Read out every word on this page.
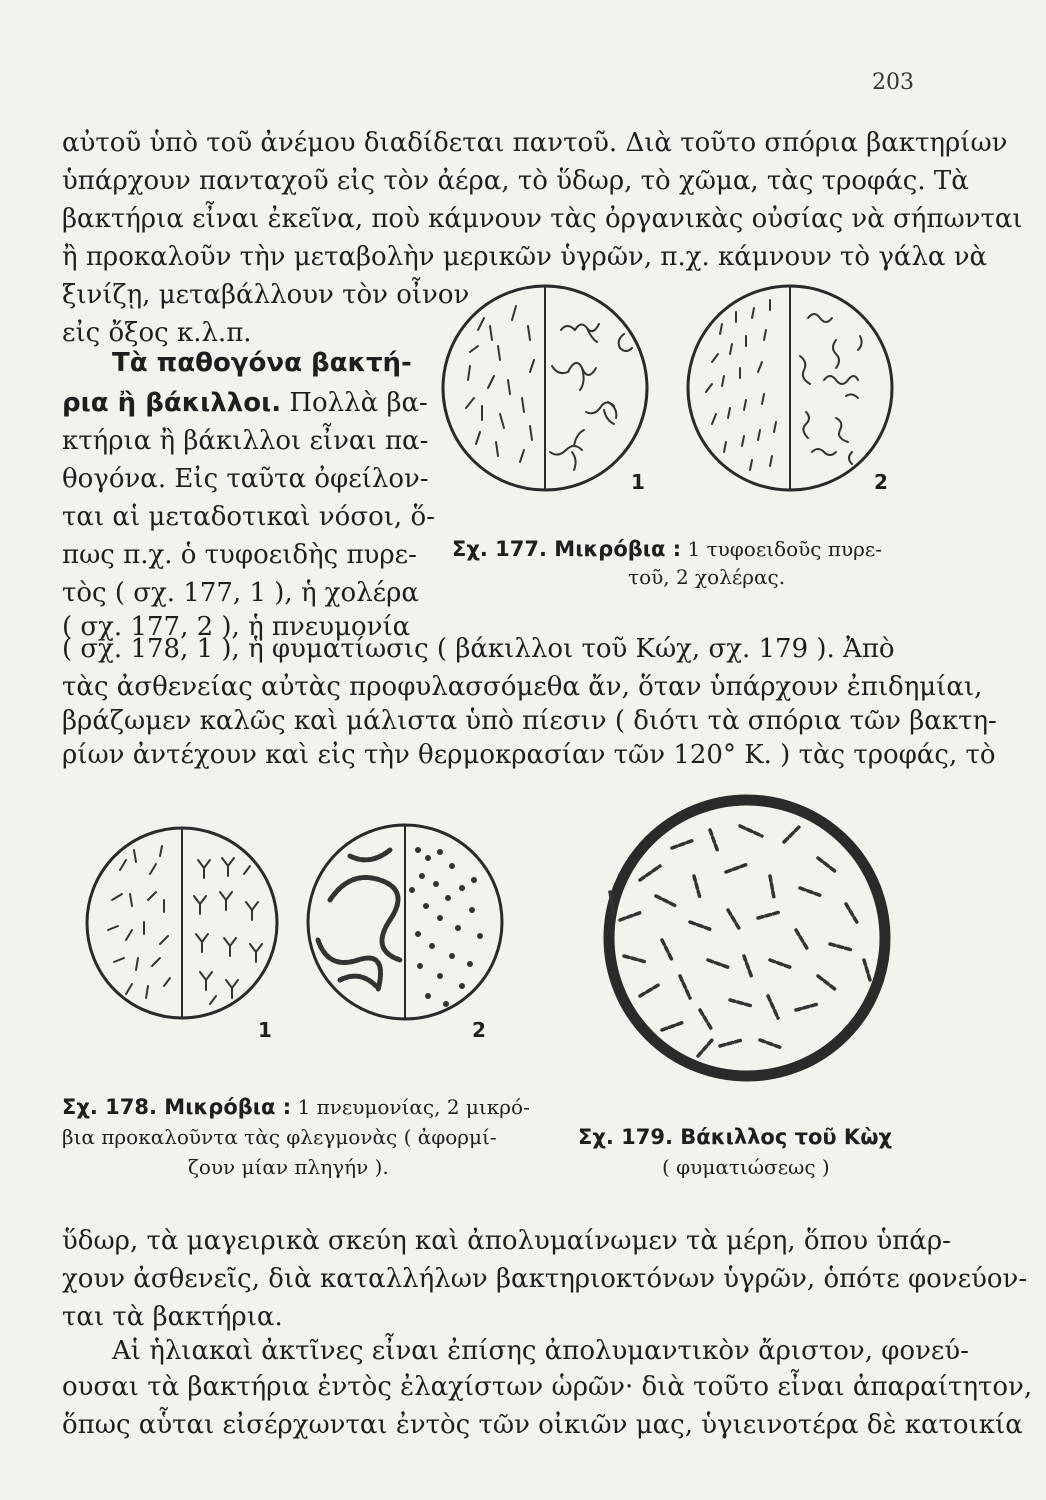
203
αὐτοῦ ὑπὸ τοῦ ἀνέμου διαδίδεται παντοῦ. Διὰ τοῦτο σπόρια βακτηρίων
ὑπάρχουν πανταχοῦ εἰς τὸν ἀέρα, τὸ ὕδωρ, τὸ χῶμα, τὰς τροφάς. Τὰ
βακτήρια εἶναι ἐκεῖνα, ποὺ κάμνουν τὰς ὀργανικὰς οὐσίας νὰ σήπωνται
ἢ προκαλοῦν τὴν μεταβολὴν μερικῶν ὑγρῶν, π.χ. κάμνουν τὸ γάλα νὰ
ξινίζῃ, μεταβάλλουν τὸν οἶνον
εἰς ὄξος κ.λ.π.
Τὰ παθογόνα βακτή-
ρια ἢ βάκιλλοι. Πολλὰ βα-
κτήρια ἢ βάκιλλοι εἶναι πα-
θογόνα. Εἰς ταῦτα ὀφείλον-
ται αἱ μεταδοτικαὶ νόσοι, ὅ-
πως π.χ. ὁ τυφοειδὴς πυρε-
τὸς ( σχ. 177, 1 ), ἡ χολέρα
( σχ. 177, 2 ), ἡ πνευμονία
1	2
Σχ. 177. Μικρόβια : 1 τυφοειδοῦς πυρε-
τοῦ, 2 χολέρας.
( σχ. 178, 1 ), ἡ φυματίωσις ( βάκιλλοι τοῦ Κώχ, σχ. 179 ). Ἀπὸ
τὰς ἀσθενείας αὐτὰς προφυλασσόμεθα ἄν, ὅταν ὑπάρχουν ἐπιδημίαι,
βράζωμεν καλῶς καὶ μάλιστα ὑπὸ πίεσιν ( διότι τὰ σπόρια τῶν βακτη-
ρίων ἀντέχουν καὶ εἰς τὴν θερμοκρασίαν τῶν 120° Κ. ) τὰς τροφάς, τὸ
1	2
Σχ. 178. Μικρόβια : 1 πνευμονίας, 2 μικρό-
βια προκαλοῦντα τὰς φλεγμονὰς ( ἀφορμί-
ζουν μίαν πληγήν ).
Σχ. 179. Βάκιλλος τοῦ Κὼχ
( φυματιώσεως )
ὕδωρ, τὰ μαγειρικὰ σκεύη καὶ ἀπολυμαίνωμεν τὰ μέρη, ὅπου ὑπάρ-
χουν ἀσθενεῖς, διὰ καταλλήλων βακτηριοκτόνων ὑγρῶν, ὁπότε φονεύον-
ται τὰ βακτήρια.
Αἱ ἡλιακαὶ ἀκτῖνες εἶναι ἐπίσης ἀπολυμαντικὸν ἄριστον, φονεύ-
ουσαι τὰ βακτήρια ἐντὸς ἐλαχίστων ὡρῶν· διὰ τοῦτο εἶναι ἀπαραίτητον,
ὅπως αὗται εἰσέρχωνται ἐντὸς τῶν οἰκιῶν μας, ὑγιεινοτέρα δὲ κατοικία
